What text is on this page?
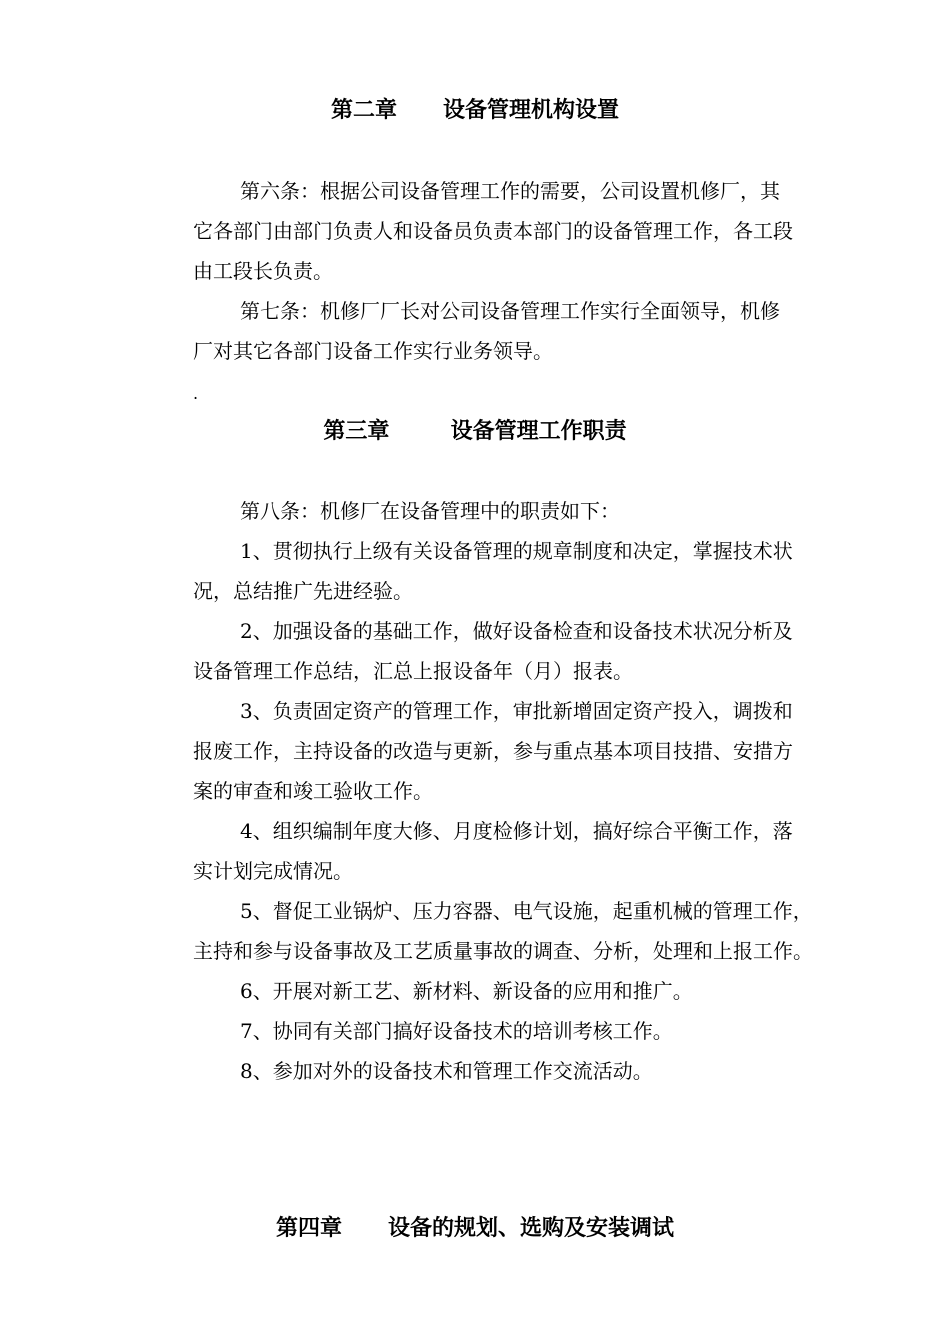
第二章      设备管理机构设置
第六条：根据公司设备管理工作的需要，公司设置机修厂，其
它各部门由部门负责人和设备员负责本部门的设备管理工作，各工段
由工段长负责。
第七条：机修厂厂长对公司设备管理工作实行全面领导，机修
厂对其它各部门设备工作实行业务领导。
.
第三章        设备管理工作职责
第八条：机修厂在设备管理中的职责如下：
1、贯彻执行上级有关设备管理的规章制度和决定，掌握技术状
况，总结推广先进经验。
2、加强设备的基础工作，做好设备检查和设备技术状况分析及
设备管理工作总结，汇总上报设备年（月）报表。
3、负责固定资产的管理工作，审批新增固定资产投入，调拨和
报废工作，主持设备的改造与更新，参与重点基本项目技措、安措方
案的审查和竣工验收工作。
4、组织编制年度大修、月度检修计划，搞好综合平衡工作，落
实计划完成情况。
5、督促工业锅炉、压力容器、电气设施，起重机械的管理工作，
主持和参与设备事故及工艺质量事故的调查、分析，处理和上报工作。
6、开展对新工艺、新材料、新设备的应用和推广。
7、协同有关部门搞好设备技术的培训考核工作。
8、参加对外的设备技术和管理工作交流活动。
第四章      设备的规划、选购及安装调试
